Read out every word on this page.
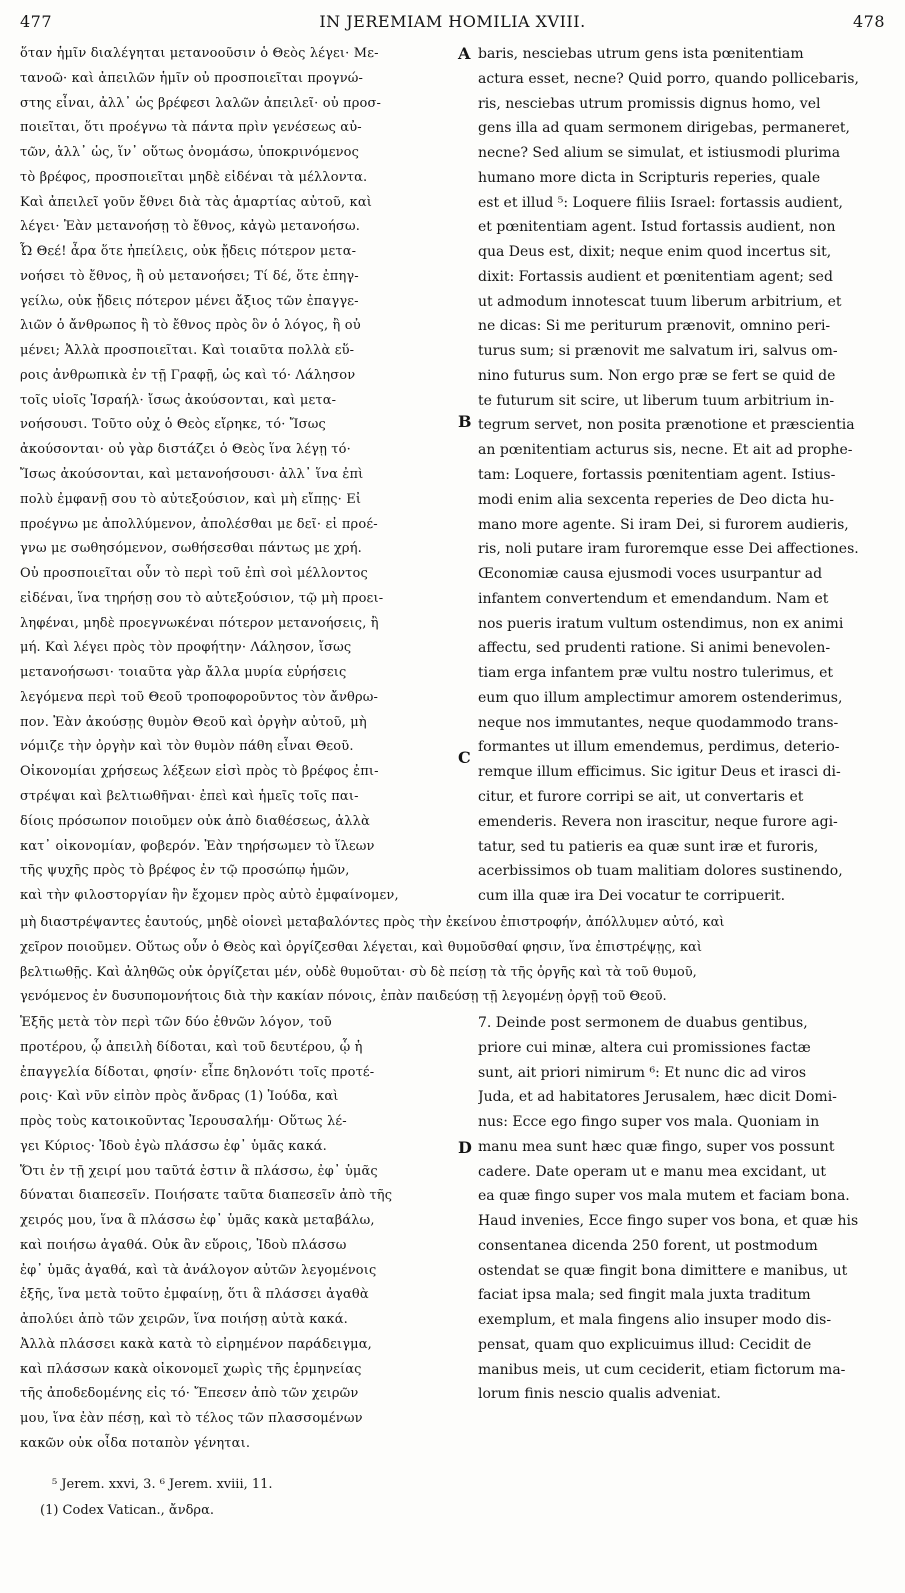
477	IN JEREMIAM HOMILIA XVIII.	478
ὅταν ἡμῖν διαλέγηται μετανοοῦσιν ὁ Θεὸς λέγει· Με-
τανοῶ· καὶ ἀπειλῶν ἡμῖν οὐ προσποιεῖται προγνώ-
στης εἶναι, ἀλλ᾽ ὡς βρέφεσι λαλῶν ἀπειλεῖ· οὐ προσ-
ποιεῖται, ὅτι προέγνω τὰ πάντα πρὶν γενέσεως αὐ-
τῶν, ἀλλ᾽ ὡς, ἵν᾽ οὕτως ὀνομάσω, ὑποκρινόμενος
τὸ βρέφος, προσποιεῖται μηδὲ εἰδέναι τὰ μέλλοντα.
Καὶ ἀπειλεῖ γοῦν ἔθνει διὰ τὰς ἁμαρτίας αὐτοῦ, καὶ
λέγει· Ἐὰν μετανοήσῃ τὸ ἔθνος, κἀγὼ μετανοήσω.
Ὦ Θεέ! ἆρα ὅτε ἠπείλεις, οὐκ ᾔδεις πότερον μετα-
νοήσει τὸ ἔθνος, ἢ οὐ μετανοήσει; Τί δέ, ὅτε ἐπηγ-
γείλω, οὐκ ᾔδεις πότερον μένει ἄξιος τῶν ἐπαγγε-
λιῶν ὁ ἄνθρωπος ἢ τὸ ἔθνος πρὸς ὃν ὁ λόγος, ἢ οὐ
μένει; Ἀλλὰ προσποιεῖται. Καὶ τοιαῦτα πολλὰ εὕ-
ροις ἀνθρωπικὰ ἐν τῇ Γραφῇ, ὡς καὶ τό· Λάλησον
τοῖς υἱοῖς Ἰσραήλ· ἴσως ἀκούσονται, καὶ μετα-
νοήσουσι. Τοῦτο οὐχ ὁ Θεὸς εἴρηκε, τό· Ἴσως
ἀκούσονται· οὐ γὰρ διστάζει ὁ Θεὸς ἵνα λέγῃ τό·
Ἴσως ἀκούσονται, καὶ μετανοήσουσι· ἀλλ᾽ ἵνα ἐπὶ
πολὺ ἐμφανῇ σου τὸ αὐτεξούσιον, καὶ μὴ εἴπῃς· Εἰ
προέγνω με ἀπολλύμενον, ἀπολέσθαι με δεῖ· εἰ προέ-
γνω με σωθησόμενον, σωθήσεσθαι πάντως με χρή.
Οὐ προσποιεῖται οὖν τὸ περὶ τοῦ ἐπὶ σοὶ μέλλοντος
εἰδέναι, ἵνα τηρήσῃ σου τὸ αὐτεξούσιον, τῷ μὴ προει-
ληφέναι, μηδὲ προεγνωκέναι πότερον μετανοήσεις, ἢ
μή. Καὶ λέγει πρὸς τὸν προφήτην· Λάλησον, ἴσως
μετανοήσωσι· τοιαῦτα γὰρ ἄλλα μυρία εὑρήσεις
λεγόμενα περὶ τοῦ Θεοῦ τροποφοροῦντος τὸν ἄνθρω-
πον. Ἐὰν ἀκούσῃς θυμὸν Θεοῦ καὶ ὀργὴν αὐτοῦ, μὴ
νόμιζε τὴν ὀργὴν καὶ τὸν θυμὸν πάθη εἶναι Θεοῦ.
Οἰκονομίαι χρήσεως λέξεων εἰσὶ πρὸς τὸ βρέφος ἐπι-
στρέψαι καὶ βελτιωθῆναι· ἐπεὶ καὶ ἡμεῖς τοῖς παι-
δίοις πρόσωπον ποιοῦμεν οὐκ ἀπὸ διαθέσεως, ἀλλὰ
κατ᾽ οἰκονομίαν, φοβερόν. Ἐὰν τηρήσωμεν τὸ ἵλεων
τῆς ψυχῆς πρὸς τὸ βρέφος ἐν τῷ προσώπῳ ἡμῶν,
καὶ τὴν φιλοστοργίαν ἣν ἔχομεν πρὸς αὐτὸ ἐμφαίνομεν,
baris, nesciebas utrum gens ista pœnitentiam
actura esset, necne? Quid porro, quando pollicebaris,
ris, nesciebas utrum promissis dignus homo, vel
gens illa ad quam sermonem dirigebas, permaneret,
necne? Sed alium se simulat, et istiusmodi plurima
humano more dicta in Scripturis reperies, quale
est et illud ⁵: Loquere filiis Israel: fortassis audient,
et pœnitentiam agent. Istud fortassis audient, non
qua Deus est, dixit; neque enim quod incertus sit,
dixit: Fortassis audient et pœnitentiam agent; sed
ut admodum innotescat tuum liberum arbitrium, et
ne dicas: Si me periturum prænovit, omnino peri-
turus sum; si prænovit me salvatum iri, salvus om-
nino futurus sum. Non ergo præ se fert se quid de
te futurum sit scire, ut liberum tuum arbitrium in-
tegrum servet, non posita prænotione et præscientia
an pœnitentiam acturus sis, necne. Et ait ad prophe-
tam: Loquere, fortassis pœnitentiam agent. Istius-
modi enim alia sexcenta reperies de Deo dicta hu-
mano more agente. Si iram Dei, si furorem audieris,
ris, noli putare iram furoremque esse Dei affectiones.
Œconomiæ causa ejusmodi voces usurpantur ad
infantem convertendum et emendandum. Nam et
nos pueris iratum vultum ostendimus, non ex animi
affectu, sed prudenti ratione. Si animi benevolen-
tiam erga infantem præ vultu nostro tulerimus, et
eum quo illum amplectimur amorem ostenderimus,
neque nos immutantes, neque quodammodo trans-
formantes ut illum emendemus, perdimus, deterio-
remque illum efficimus. Sic igitur Deus et irasci di-
citur, et furore corripi se ait, ut convertaris et
emenderis. Revera non irascitur, neque furore agi-
tatur, sed tu patieris ea quæ sunt iræ et furoris,
acerbissimos ob tuam malitiam dolores sustinendo,
cum illa quæ ira Dei vocatur te corripuerit.
A
B
C
D
μὴ διαστρέψαντες ἑαυτούς, μηδὲ οἱονεὶ μεταβαλόντες πρὸς τὴν ἐκείνου ἐπιστροφήν, ἀπόλλυμεν αὐτό, καὶ
χεῖρον ποιοῦμεν. Οὕτως οὖν ὁ Θεὸς καὶ ὀργίζεσθαι λέγεται, καὶ θυμοῦσθαί φησιν, ἵνα ἐπιστρέψῃς, καὶ
βελτιωθῇς. Καὶ ἀληθῶς οὐκ ὀργίζεται μέν, οὐδὲ θυμοῦται· σὺ δὲ πείσῃ τὰ τῆς ὀργῆς καὶ τὰ τοῦ θυμοῦ,
γενόμενος ἐν δυσυπομονήτοις διὰ τὴν κακίαν πόνοις, ἐπὰν παιδεύσῃ τῇ λεγομένῃ ὀργῇ τοῦ Θεοῦ.
Ἑξῆς μετὰ τὸν περὶ τῶν δύο ἐθνῶν λόγον, τοῦ
προτέρου, ᾧ ἀπειλὴ δίδοται, καὶ τοῦ δευτέρου, ᾧ ἡ
ἐπαγγελία δίδοται, φησίν· εἶπε δηλονότι τοῖς προτέ-
ροις· Καὶ νῦν εἰπὸν πρὸς ἄνδρας (1) Ἰούδα, καὶ
πρὸς τοὺς κατοικοῦντας Ἱερουσαλήμ· Οὕτως λέ-
γει Κύριος· Ἰδοὺ ἐγὼ πλάσσω ἐφ᾽ ὑμᾶς κακά.
Ὅτι ἐν τῇ χειρί μου ταῦτά ἐστιν ἃ πλάσσω, ἐφ᾽ ὑμᾶς
δύναται διαπεσεῖν. Ποιήσατε ταῦτα διαπεσεῖν ἀπὸ τῆς
χειρός μου, ἵνα ἃ πλάσσω ἐφ᾽ ὑμᾶς κακὰ μεταβάλω,
καὶ ποιήσω ἀγαθά. Οὐκ ἂν εὕροις, Ἰδοὺ πλάσσω
ἐφ᾽ ὑμᾶς ἀγαθά, καὶ τὰ ἀνάλογον αὐτῶν λεγομένοις
ἑξῆς, ἵνα μετὰ τοῦτο ἐμφαίνῃ, ὅτι ἃ πλάσσει ἀγαθὰ
ἀπολύει ἀπὸ τῶν χειρῶν, ἵνα ποιήσῃ αὐτὰ κακά.
Ἀλλὰ πλάσσει κακὰ κατὰ τὸ εἰρημένον παράδειγμα,
καὶ πλάσσων κακὰ οἰκονομεῖ χωρὶς τῆς ἑρμηνείας
τῆς ἀποδεδομένης εἰς τό· Ἔπεσεν ἀπὸ τῶν χειρῶν
μου, ἵνα ἐὰν πέσῃ, καὶ τὸ τέλος τῶν πλασσομένων
κακῶν οὐκ οἶδα ποταπὸν γένηται.
7. Deinde post sermonem de duabus gentibus,
priore cui minæ, altera cui promissiones factæ
sunt, ait priori nimirum ⁶: Et nunc dic ad viros
Juda, et ad habitatores Jerusalem, hæc dicit Domi-
nus: Ecce ego fingo super vos mala. Quoniam in
manu mea sunt hæc quæ fingo, super vos possunt
cadere. Date operam ut e manu mea excidant, ut
ea quæ fingo super vos mala mutem et faciam bona.
Haud invenies, Ecce fingo super vos bona, et quæ his
consentanea dicenda 250 forent, ut postmodum
ostendat se quæ fingit bona dimittere e manibus, ut
faciat ipsa mala; sed fingit mala juxta traditum
exemplum, et mala fingens alio insuper modo dis-
pensat, quam quo explicuimus illud: Cecidit de
manibus meis, ut cum ceciderit, etiam fictorum ma-
lorum finis nescio qualis adveniat.
⁵ Jerem. xxvi, 3. ⁶ Jerem. xviii, 11.
(1) Codex Vatican., ἄνδρα.
